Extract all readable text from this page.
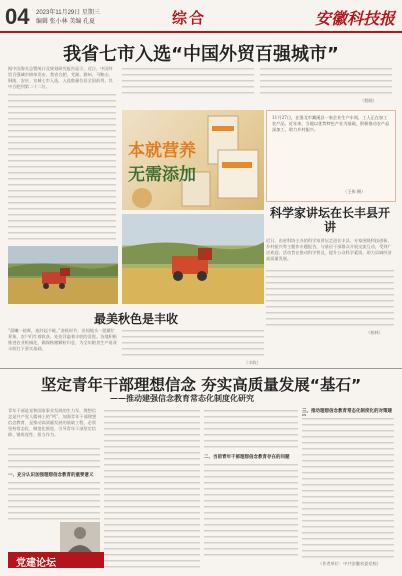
04 2023年11月29日 星期三
编辑 张小林 美编 孔夏	综合	安徽科技报
我省七市入选“中国外贸百强城市”

据中国海关总署统计及规划研究报告显示，近日，中国外贸百强城市榜单发布，我省合肥、芜湖、滁州、马鞍山、铜陵、安庆、宣城七市入选，入选数量位居全国前列。其中合肥列第二十二位。

（程晓）
本就营养
无需添加
11月27日，在淮北市濉溪县一家企业生产车间，工人正在加工农产品。近年来，当地以优势特色产业为基础，积极推动农产品深加工，助力乡村振兴。
（王伟 摄）
科学家讲坛在长丰县开讲
近日，由省科协主办的科学家讲坛走进长丰县。专家围绕科技创新、乡村振兴等主题作专题报告，与基层干部群众开展交流互动，受到广泛欢迎。活动旨在推动科学普及，提升公众科学素质，助力县域经济高质量发展。
（柏林）
最美秋色是丰收
“晨曦一轮晖，连阡起千畦。”金秋时节，田间地头一派繁忙景象，农户们忙着收获，处处洋溢着丰收的喜悦。各地积极推进农业机械化，确保秋粮颗粒归仓，为全年粮食生产再获丰收打下坚实基础。
（丰收）
坚定青年干部理想信念 夯实高质量发展“基石”
——推动建强信念教育常态化制度化研究
青年干部是党和国家事业发展的生力军，理想信念是共产党人精神上的“钙”。加强青年干部理想信念教育，是推动高质量发展的基础工程，必须坚持常态化、制度化推进，引导青年干部坚定信仰、锤炼党性、担当作为。
一、充分认识加强理想信念教育的重要意义
二、当前青年干部理想信念教育存在的问题
三、推动理想信念教育常态化制度化的对策建
（作者单位：中共安徽省委党校）
党建论坛
